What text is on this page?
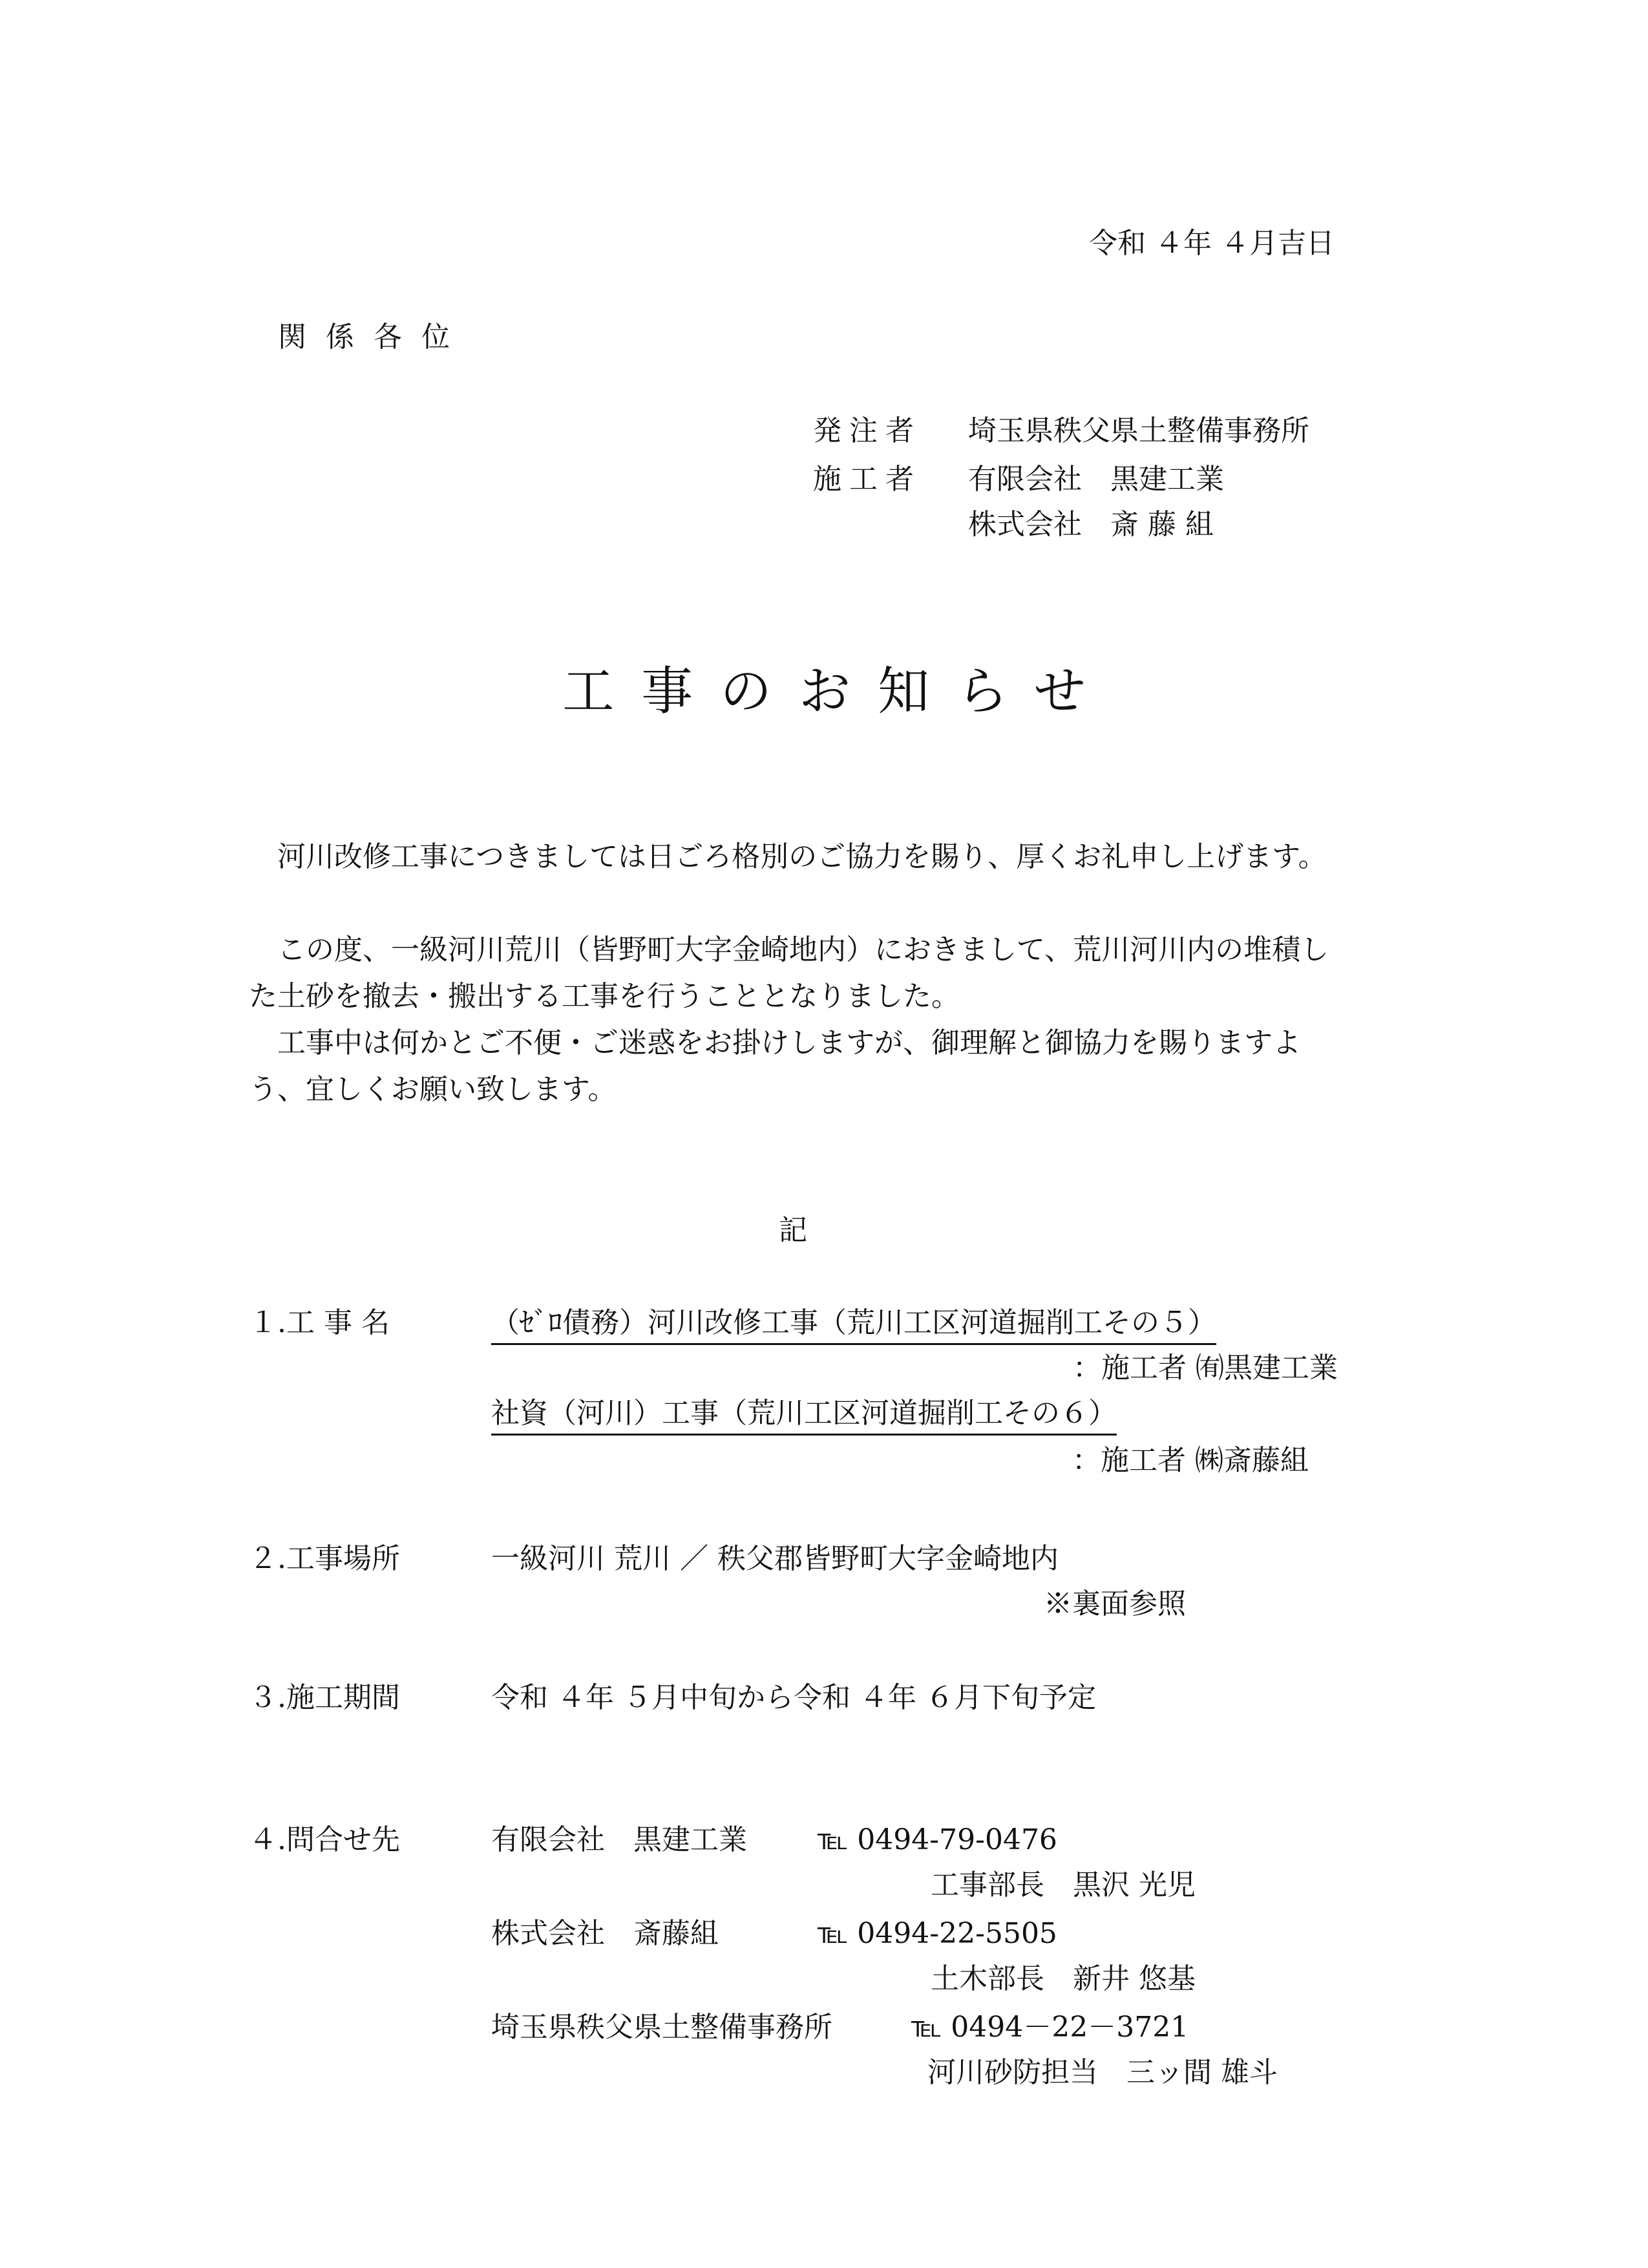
令和 ４年 ４月吉日
関係各位
発注者 埼玉県秩父県土整備事務所
施工者 有限会社　黒建工業
株式会社　斎 藤 組
工事のお知らせ
河川改修工事につきましては日ごろ格別のご協力を賜り、厚くお礼申し上げます。
この度、一級河川荒川（皆野町大字金崎地内）におきまして、荒川河川内の堆積した土砂を撤去・搬出する工事を行うこととなりました。
工事中は何かとご不便・ご迷惑をお掛けしますが、御理解と御協力を賜りますよう、宜しくお願い致します。
記
１.工 事 名	（ｾﾞﾛ債務）河川改修工事（荒川工区河道掘削工その５）
：施工者 ㈲黒建工業
社資（河川）工事（荒川工区河道掘削工その６）
：施工者 ㈱斎藤組
２.工事場所	一級河川 荒川 ／ 秩父郡皆野町大字金崎地内
※裏面参照
３.施工期間	令和 ４年 ５月中旬から令和 ４年 ６月下旬予定
４.問合せ先	有限会社　黒建工業 ℡ 0494-79-0476
工事部長　黒沢 光児
株式会社　斎藤組	℡ 0494-22-5505
土木部長　新井 悠基
埼玉県秩父県土整備事務所	℡ 0494－22－3721
河川砂防担当　三ッ間 雄斗
